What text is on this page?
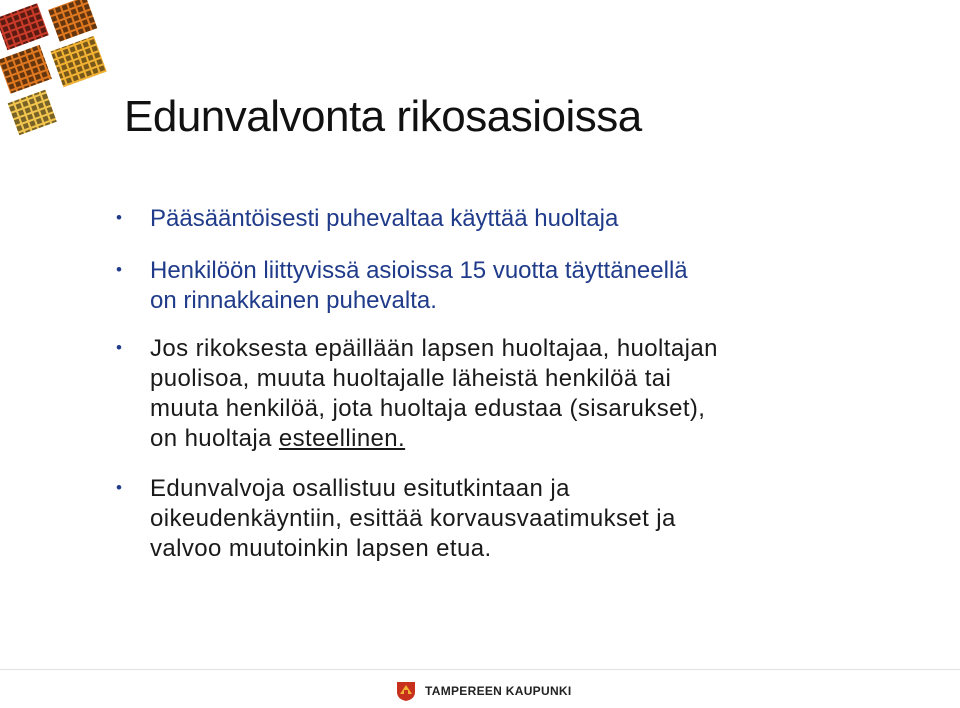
Edunvalvonta rikosasioissa
•	Pääsääntöisesti puhevaltaa käyttää huoltaja
•	Henkilöön liittyvissä asioissa 15 vuotta täyttäneellä
on rinnakkainen puhevalta.
•	Jos rikoksesta epäillään lapsen huoltajaa, huoltajan
puolisoa, muuta huoltajalle läheistä henkilöä tai
muuta henkilöä, jota huoltaja edustaa (sisarukset),
on huoltaja esteellinen.
•	Edunvalvoja osallistuu esitutkintaan ja
oikeudenkäyntiin, esittää korvausvaatimukset ja
valvoo muutoinkin lapsen etua.
TAMPEREEN KAUPUNKI
